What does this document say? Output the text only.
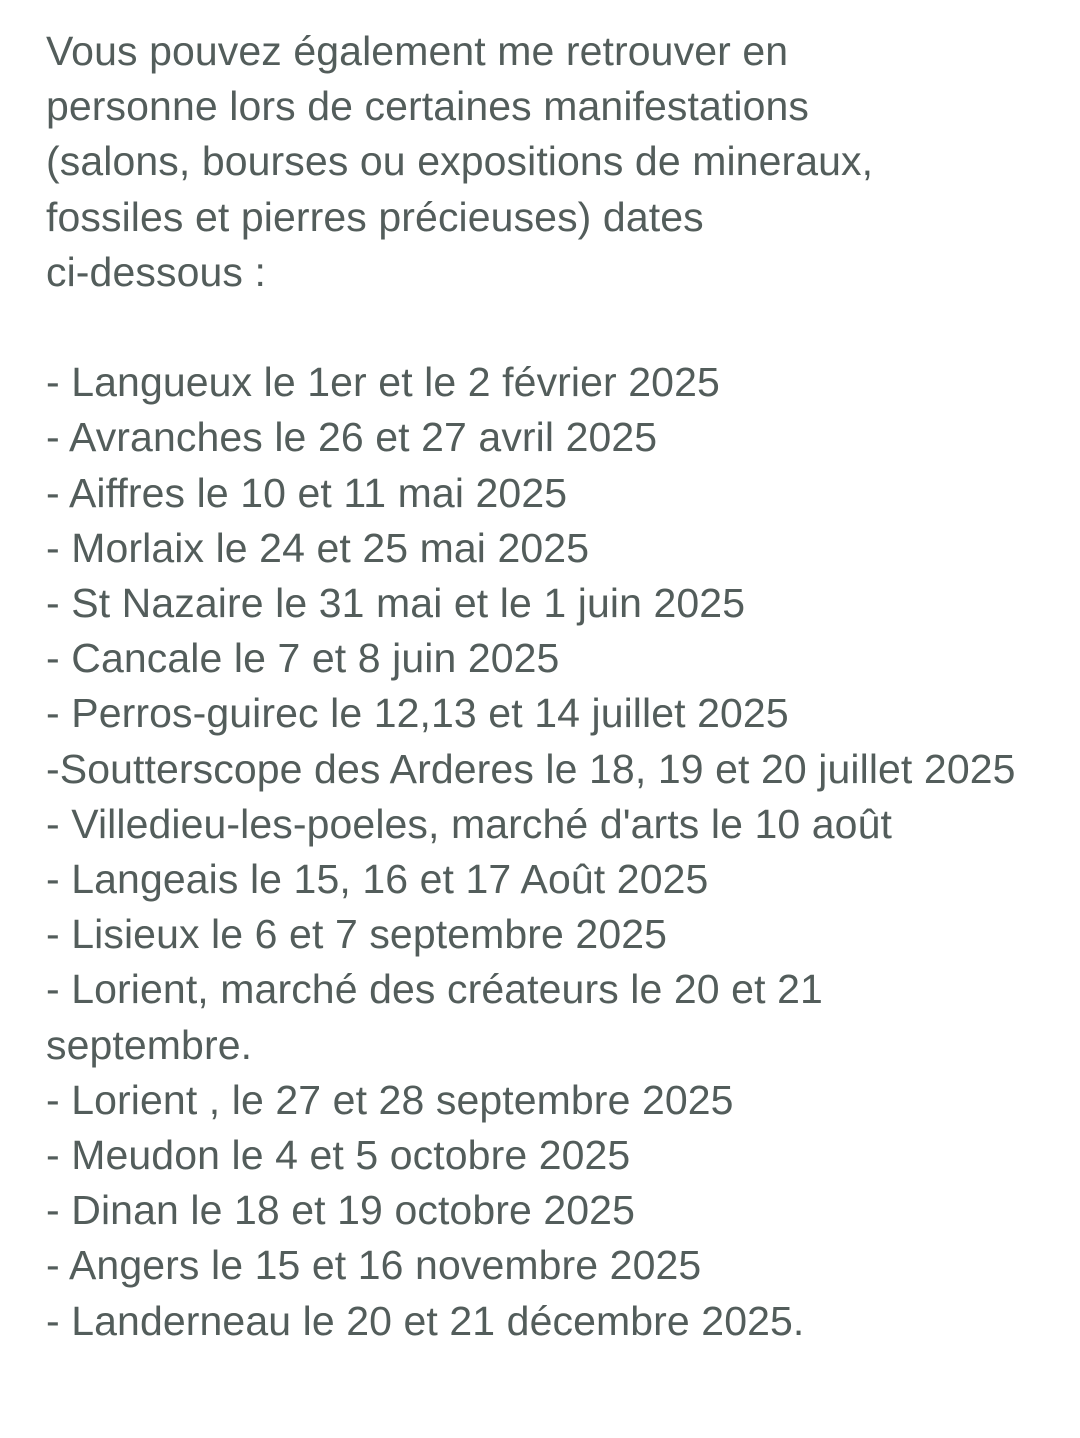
Vous pouvez également me retrouver en
personne lors de certaines manifestations
(salons, bourses ou expositions de mineraux,
fossiles et pierres précieuses) dates
ci-dessous :
- Langueux le 1er et le 2 février 2025
- Avranches le 26 et 27 avril 2025
- Aiffres le 10 et 11 mai 2025
- Morlaix le 24 et 25 mai 2025
- St Nazaire le 31 mai et le 1 juin 2025
- Cancale le 7 et 8 juin 2025
- Perros-guirec le 12,13 et 14 juillet 2025
-Soutterscope des Arderes le 18, 19 et 20 juillet 2025
- Villedieu-les-poeles, marché d'arts le 10 août
- Langeais le 15, 16 et 17 Août 2025
- Lisieux le 6 et 7 septembre 2025
- Lorient, marché des créateurs le 20 et 21 septembre.
- Lorient , le 27 et 28 septembre 2025
- Meudon le 4 et 5 octobre 2025
- Dinan le 18 et 19 octobre 2025
- Angers le 15 et 16 novembre 2025
- Landerneau le 20 et 21 décembre 2025.
